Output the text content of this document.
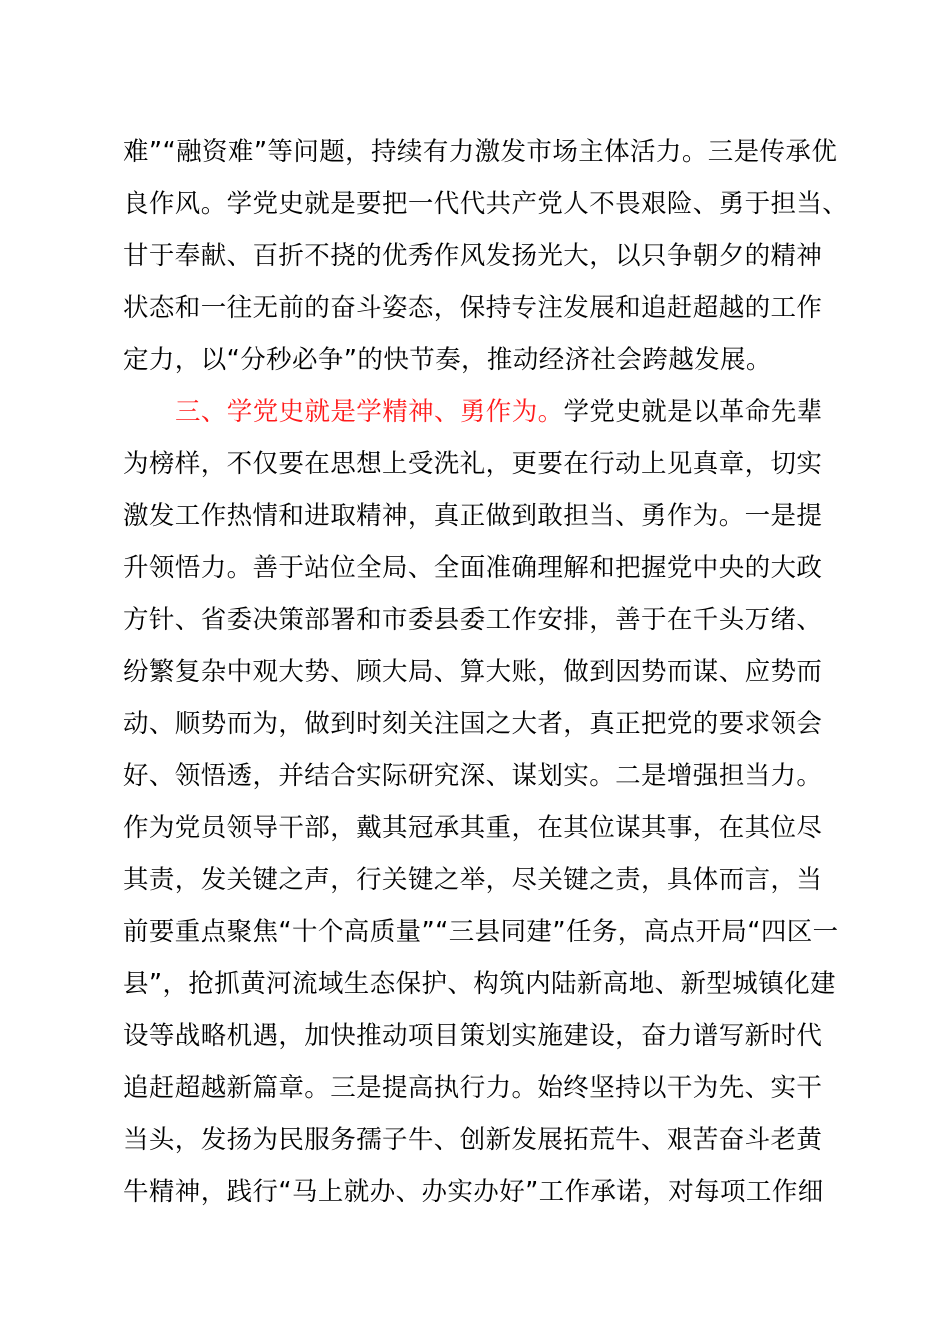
难”“融资难”等问题，持续有力激发市场主体活力。三是传承优
良作风。学党史就是要把一代代共产党人不畏艰险、勇于担当、
甘于奉献、百折不挠的优秀作风发扬光大，以只争朝夕的精神
状态和一往无前的奋斗姿态，保持专注发展和追赶超越的工作
定力，以“分秒必争”的快节奏，推动经济社会跨越发展。
三、学党史就是学精神、勇作为。学党史就是以革命先辈
为榜样，不仅要在思想上受洗礼，更要在行动上见真章，切实
激发工作热情和进取精神，真正做到敢担当、勇作为。一是提
升领悟力。善于站位全局、全面准确理解和把握党中央的大政
方针、省委决策部署和市委县委工作安排，善于在千头万绪、
纷繁复杂中观大势、顾大局、算大账，做到因势而谋、应势而
动、顺势而为，做到时刻关注国之大者，真正把党的要求领会
好、领悟透，并结合实际研究深、谋划实。二是增强担当力。
作为党员领导干部，戴其冠承其重，在其位谋其事，在其位尽
其责，发关键之声，行关键之举，尽关键之责，具体而言，当
前要重点聚焦“十个高质量”“三县同建”任务，高点开局“四区一
县”，抢抓黄河流域生态保护、构筑内陆新高地、新型城镇化建
设等战略机遇，加快推动项目策划实施建设，奋力谱写新时代
追赶超越新篇章。三是提高执行力。始终坚持以干为先、实干
当头，发扬为民服务孺子牛、创新发展拓荒牛、艰苦奋斗老黄
牛精神，践行“马上就办、办实办好”工作承诺，对每项工作细
